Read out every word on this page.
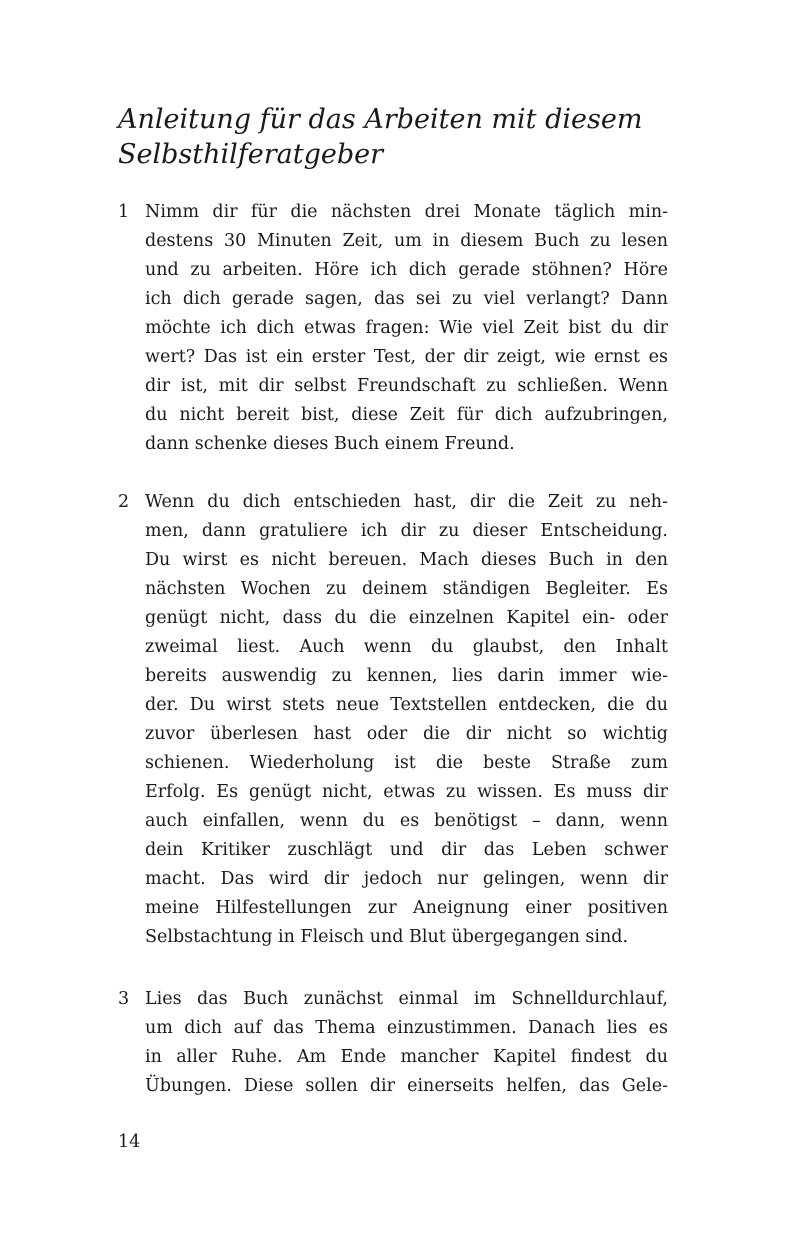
Anleitung für das Arbeiten mit diesem
Selbsthilferatgeber
1 Nimm dir für die nächsten drei Monate täglich min-
destens 30 Minuten Zeit, um in diesem Buch zu lesen
und zu arbeiten. Höre ich dich gerade stöhnen? Höre
ich dich gerade sagen, das sei zu viel verlangt? Dann
möchte ich dich etwas fragen: Wie viel Zeit bist du dir
wert? Das ist ein erster Test, der dir zeigt, wie ernst es
dir ist, mit dir selbst Freundschaft zu schließen. Wenn
du nicht bereit bist, diese Zeit für dich aufzubringen,
dann schenke dieses Buch einem Freund.
2 Wenn du dich entschieden hast, dir die Zeit zu neh-
men, dann gratuliere ich dir zu dieser Entscheidung.
Du wirst es nicht bereuen. Mach dieses Buch in den
nächsten Wochen zu deinem ständigen Begleiter. Es
genügt nicht, dass du die einzelnen Kapitel ein- oder
zweimal liest. Auch wenn du glaubst, den Inhalt
bereits auswendig zu kennen, lies darin immer wie-
der. Du wirst stets neue Textstellen entdecken, die du
zuvor überlesen hast oder die dir nicht so wichtig
schienen. Wiederholung ist die beste Straße zum
Erfolg. Es genügt nicht, etwas zu wissen. Es muss dir
auch einfallen, wenn du es benötigst – dann, wenn
dein Kritiker zuschlägt und dir das Leben schwer
macht. Das wird dir jedoch nur gelingen, wenn dir
meine Hilfestellungen zur Aneignung einer positiven
Selbstachtung in Fleisch und Blut übergegangen sind.
3 Lies das Buch zunächst einmal im Schnelldurchlauf,
um dich auf das Thema einzustimmen. Danach lies es
in aller Ruhe. Am Ende mancher Kapitel findest du
Übungen. Diese sollen dir einerseits helfen, das Gele-
14
